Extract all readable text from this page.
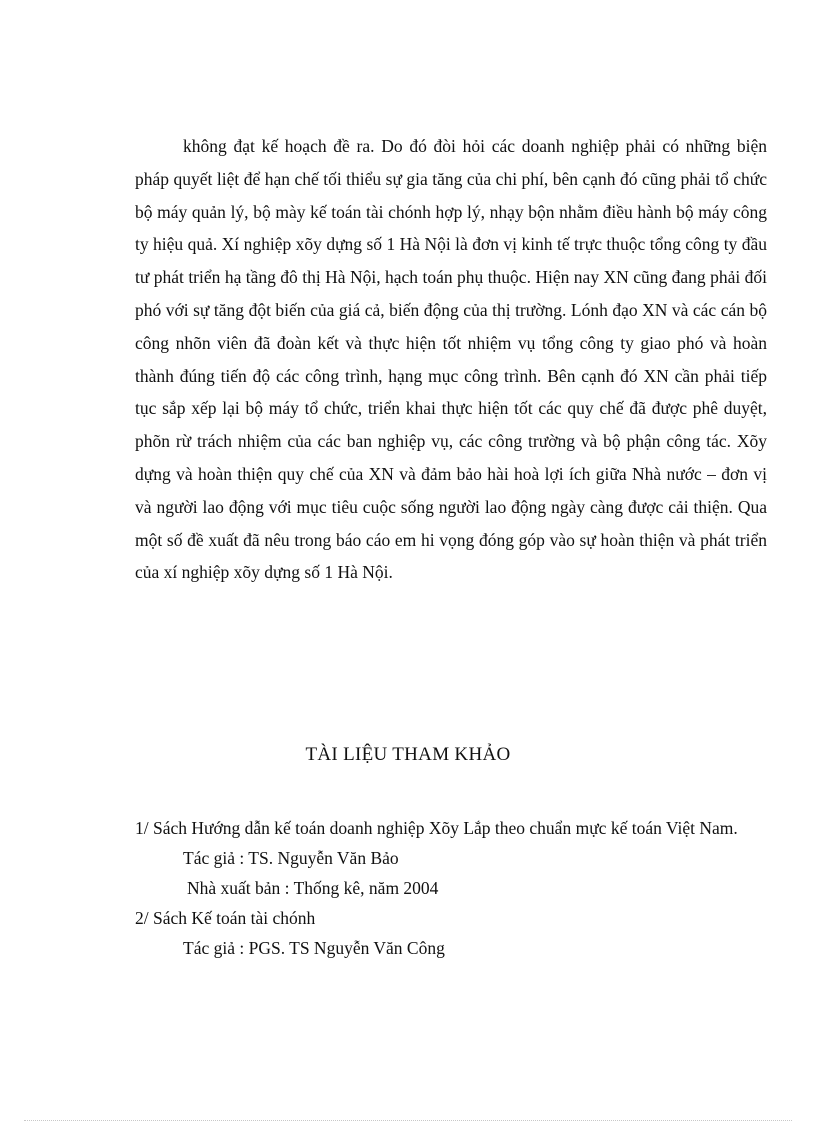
không đạt kế hoạch đề ra. Do đó đòi hỏi các doanh nghiệp phải có những biện pháp quyết liệt để hạn chế tối thiểu sự gia tăng của chi phí, bên cạnh đó cũng phải tổ chức bộ máy quản lý, bộ mày kế toán tài chónh hợp lý, nhạy bộn nhằm điều hành bộ máy công ty hiệu quả. Xí nghiệp xõy dựng số 1 Hà Nội là đơn vị kinh tế trực thuộc tổng công ty đầu tư phát triển hạ tầng đô thị Hà Nội, hạch toán phụ thuộc. Hiện nay XN cũng đang phải đối phó với sự tăng đột biến của giá cả, biến động của thị trường. Lónh đạo XN và các cán bộ công nhõn viên đã đoàn kết và thực hiện tốt nhiệm vụ tổng công ty giao phó và hoàn thành đúng tiến độ các công trình, hạng mục công trình. Bên cạnh đó XN cần phải tiếp tục sắp xếp lại bộ máy tổ chức, triển khai thực hiện tốt các quy chế đã được phê duyệt, phõn rừ trách nhiệm của các ban nghiệp vụ, các công trường và bộ phận công tác. Xõy dựng và hoàn thiện quy chế của XN và đảm bảo hài hoà lợi ích giữa Nhà nước – đơn vị và người lao động với mục tiêu cuộc sống người lao động ngày càng được cải thiện. Qua một số đề xuất đã nêu trong báo cáo em hi vọng đóng góp vào sự hoàn thiện và phát triển của xí nghiệp xõy dựng số 1 Hà Nội.

TÀI LIỆU THAM KHẢO

1/ Sách Hướng dẫn kế toán doanh nghiệp Xõy Lắp theo chuẩn mực kế toán Việt Nam.

Tác giả : TS. Nguyễn Văn Bảo

Nhà xuất bản : Thống kê, năm 2004

2/ Sách Kế toán tài chónh

Tác giả : PGS. TS Nguyễn Văn Công
